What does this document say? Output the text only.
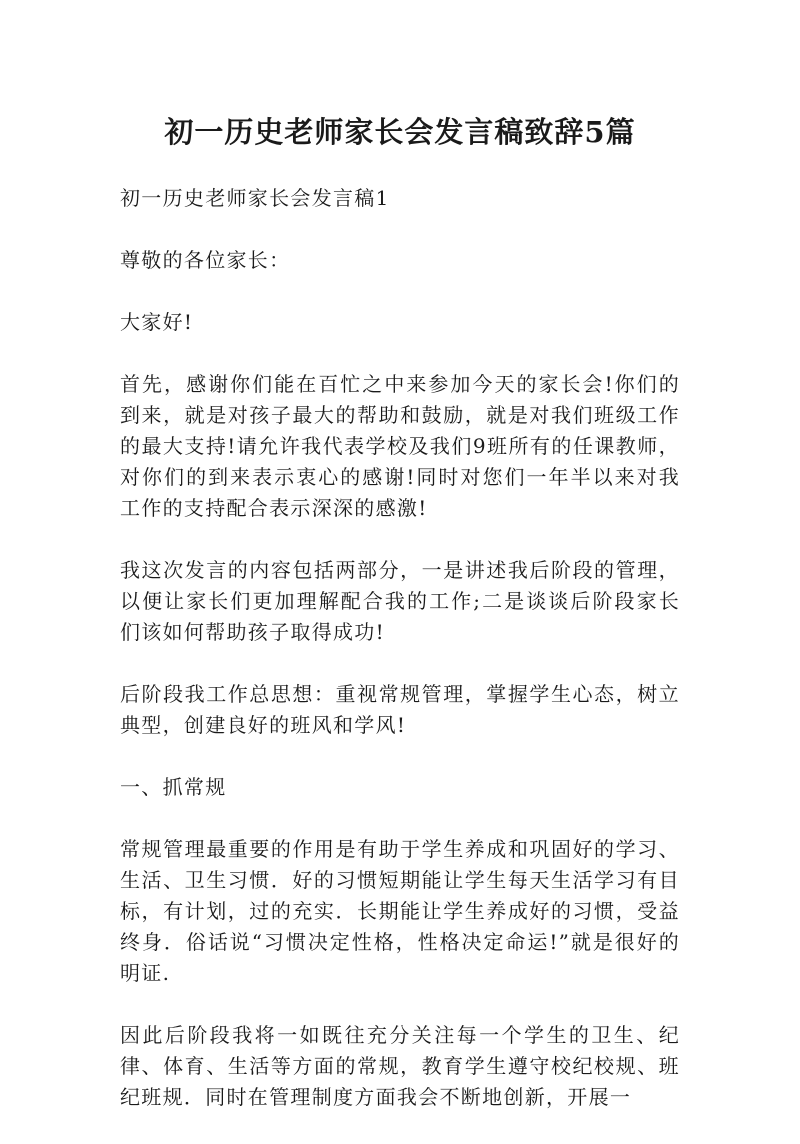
初一历史老师家长会发言稿致辞5篇

初一历史老师家长会发言稿1

尊敬的各位家长：

大家好!

首先，感谢你们能在百忙之中来参加今天的家长会!你们的到来，就是对孩子最大的帮助和鼓励，就是对我们班级工作的最大支持!请允许我代表学校及我们9班所有的任课教师，对你们的到来表示衷心的感谢!同时对您们一年半以来对我工作的支持配合表示深深的感激!

我这次发言的内容包括两部分，一是讲述我后阶段的管理，以便让家长们更加理解配合我的工作;二是谈谈后阶段家长们该如何帮助孩子取得成功!

后阶段我工作总思想：重视常规管理，掌握学生心态，树立典型，创建良好的班风和学风!

一、抓常规

常规管理最重要的作用是有助于学生养成和巩固好的学习、生活、卫生习惯．好的习惯短期能让学生每天生活学习有目标，有计划，过的充实．长期能让学生养成好的习惯，受益终身．俗话说“习惯决定性格，性格决定命运!”就是很好的明证.

因此后阶段我将一如既往充分关注每一个学生的卫生、纪律、体育、生活等方面的常规，教育学生遵守校纪校规、班纪班规．同时在管理制度方面我会不断地创新，开展一
